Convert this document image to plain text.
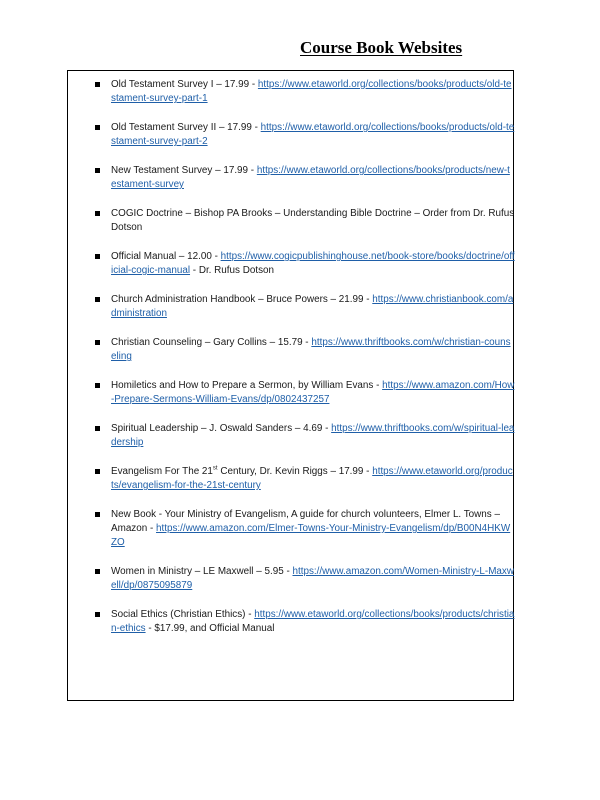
Course Book Websites
Old Testament Survey I – 17.99 - https://www.etaworld.org/collections/books/products/old-testament-survey-part-1
Old Testament Survey II – 17.99 - https://www.etaworld.org/collections/books/products/old-testament-survey-part-2
New Testament Survey – 17.99 - https://www.etaworld.org/collections/books/products/new-testament-survey
COGIC Doctrine – Bishop PA Brooks – Understanding Bible Doctrine – Order from Dr. Rufus Dotson
Official Manual – 12.00 - https://www.cogicpublishinghouse.net/book-store/books/doctrine/official-cogic-manual - Dr. Rufus Dotson
Church Administration Handbook – Bruce Powers – 21.99 - https://www.christianbook.com/administration
Christian Counseling – Gary Collins – 15.79 - https://www.thriftbooks.com/w/christian-counseling
Homiletics and How to Prepare a Sermon, by William Evans - https://www.amazon.com/How-Prepare-Sermons-William-Evans/dp/0802437257
Spiritual Leadership – J. Oswald Sanders – 4.69 - https://www.thriftbooks.com/w/spiritual-leadership
Evangelism For The 21st Century, Dr. Kevin Riggs – 17.99 - https://www.etaworld.org/products/evangelism-for-the-21st-century
New Book - Your Ministry of Evangelism, A guide for church volunteers, Elmer L. Towns – Amazon - https://www.amazon.com/Elmer-Towns-Your-Ministry-Evangelism/dp/B00N4HKWZO
Women in Ministry – LE Maxwell – 5.95 - https://www.amazon.com/Women-Ministry-L-Maxwell/dp/0875095879
Social Ethics (Christian Ethics) - https://www.etaworld.org/collections/books/products/christian-ethics - $17.99, and Official Manual
